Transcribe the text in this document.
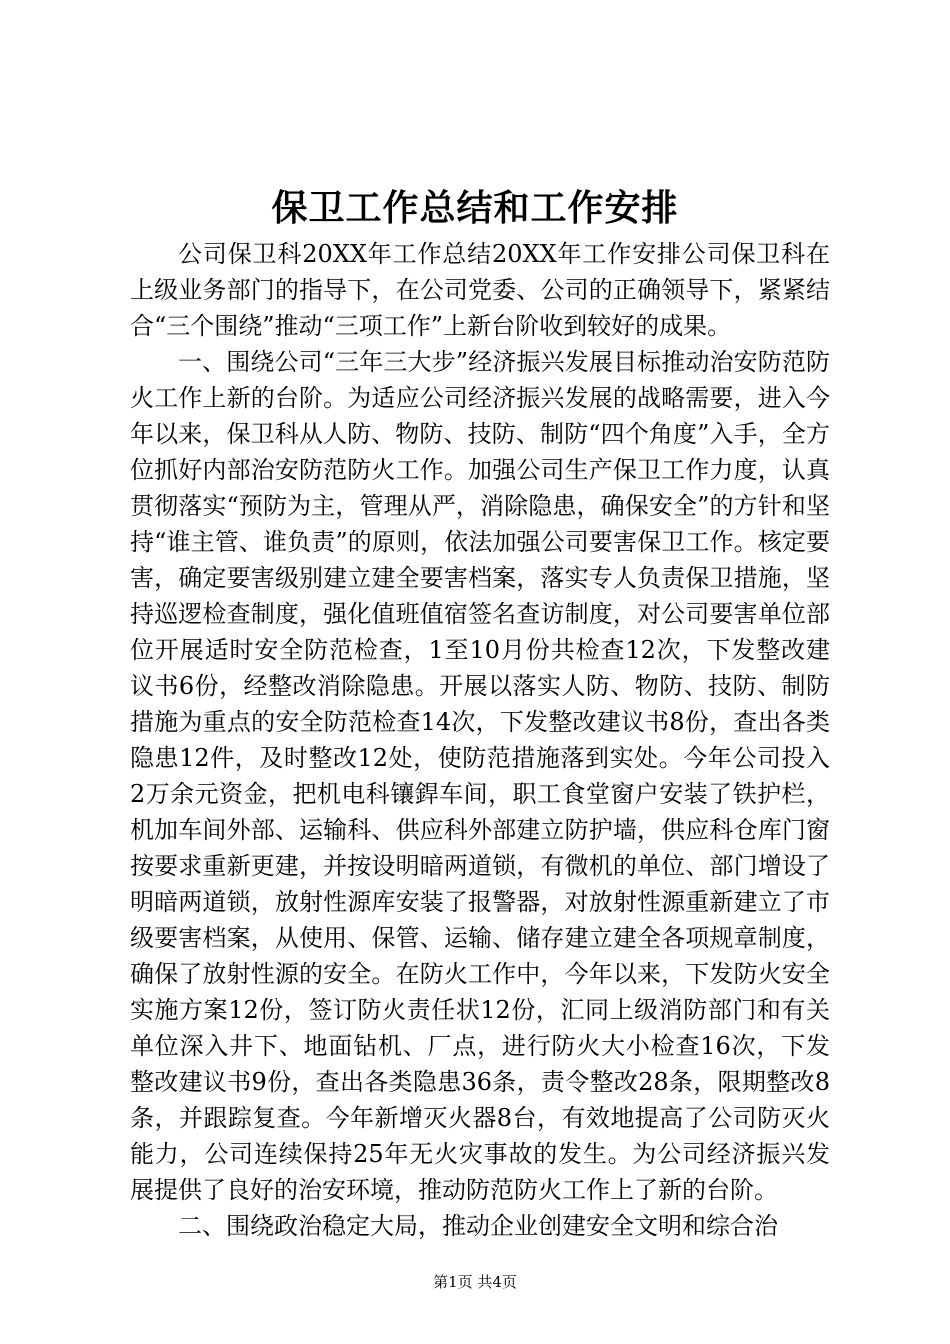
保卫工作总结和工作安排

公司保卫科20XX年工作总结20XX年工作安排公司保卫科在上级业务部门的指导下，在公司党委、公司的正确领导下，紧紧结合“三个围绕”推动“三项工作”上新台阶收到较好的成果。

一、围绕公司“三年三大步”经济振兴发展目标推动治安防范防火工作上新的台阶。为适应公司经济振兴发展的战略需要，进入今年以来，保卫科从人防、物防、技防、制防“四个角度”入手，全方位抓好内部治安防范防火工作。加强公司生产保卫工作力度，认真贯彻落实“预防为主，管理从严，消除隐患，确保安全”的方针和坚持“谁主管、谁负责”的原则，依法加强公司要害保卫工作。核定要害，确定要害级别建立建全要害档案，落实专人负责保卫措施，坚持巡逻检查制度，强化值班值宿签名查访制度，对公司要害单位部位开展适时安全防范检查，1至10月份共检查12次，下发整改建议书6份，经整改消除隐患。开展以落实人防、物防、技防、制防措施为重点的安全防范检查14次，下发整改建议书8份，查出各类隐患12件，及时整改12处，使防范措施落到实处。今年公司投入2万余元资金，把机电科镶銲车间，职工食堂窗户安装了铁护栏，机加车间外部、运输科、供应科外部建立防护墙，供应科仓库门窗按要求重新更建，并按设明暗两道锁，有微机的单位、部门增设了明暗两道锁，放射性源库安装了报警器，对放射性源重新建立了市级要害档案，从使用、保管、运输、储存建立建全各项规章制度，确保了放射性源的安全。在防火工作中，今年以来，下发防火安全实施方案12份，签订防火责任状12份，汇同上级消防部门和有关单位深入井下、地面钻机、厂点，进行防火大小检查16次，下发整改建议书9份，查出各类隐患36条，责令整改28条，限期整改8条，并跟踪复查。今年新增灭火器8台，有效地提高了公司防灭火能力，公司连续保持25年无火灾事故的发生。为公司经济振兴发展提供了良好的治安环境，推动防范防火工作上了新的台阶。

二、围绕政治稳定大局，推动企业创建安全文明和综合治

第1页 共4页
